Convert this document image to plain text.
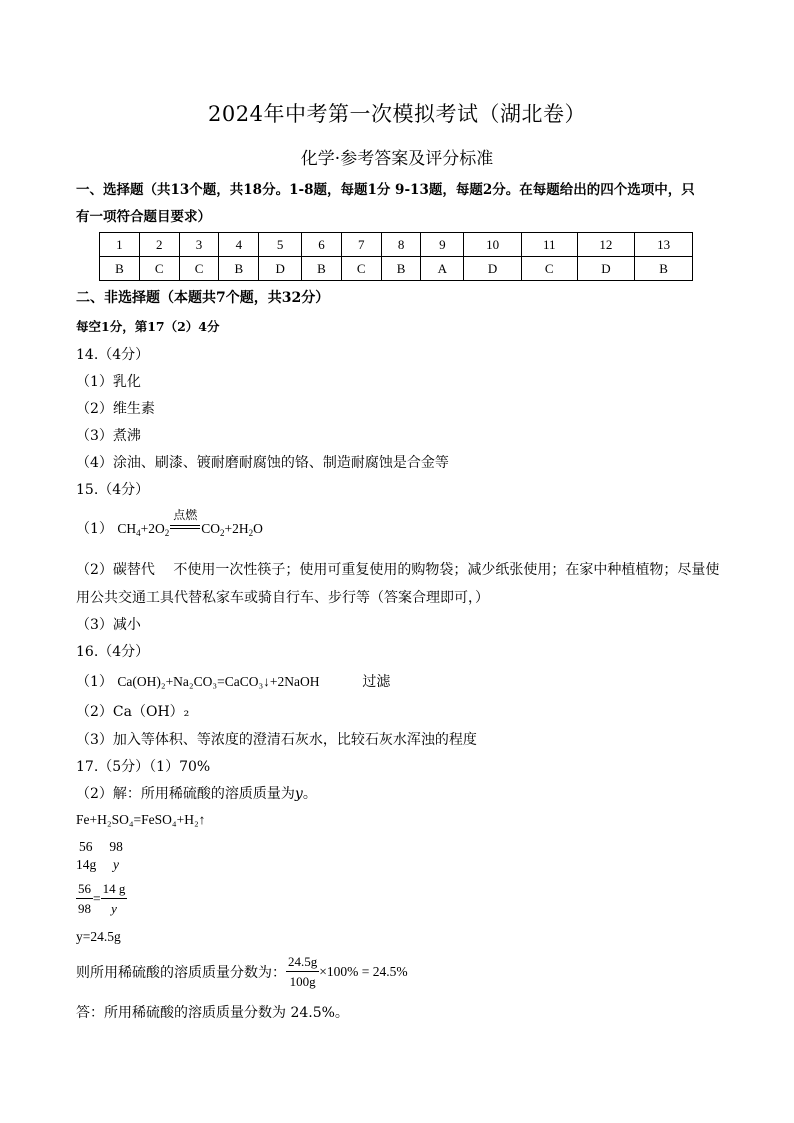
2024年中考第一次模拟考试（湖北卷）
化学·参考答案及评分标准
一、选择题（共13个题，共18分。1-8题，每题1分 9-13题，每题2分。在每题给出的四个选项中，只
有一项符合题目要求）
1	2	3	4	5	6	7	8	9	10	11	12	13
B	C	C	B	D	B	C	B	A	D	C	D	B
二、非选择题（本题共7个题，共32分）
每空1分，第17（2）4分
14.（4分）
（1）乳化
（2）维生素
（3）煮沸
（4）涂油、刷漆、镀耐磨耐腐蚀的铬、制造耐腐蚀是合金等
15.（4分）
（1） $CH_4+2O_2$
点燃
$CO_2+2H_2O$
（2）碳替代　 不使用一次性筷子；使用可重复使用的购物袋；减少纸张使用；在家中种植植物；尽量使
用公共交通工具代替私家车或骑自行车、步行等（答案合理即可，）
（3）减小
16.（4分）
（1） Ca(OH)₂+Na₂CO₃=CaCO₃↓+2NaOH	过滤
（2）Ca（OH）₂
（3）加入等体积、等浓度的澄清石灰水，比较石灰水浑浊的程度
17.（5分）（1）70%
（2）解：所用稀硫酸的溶质质量为y。
Fe+H₂SO₄=FeSO₄+H₂↑
56　 98
14g y
$\frac{56}{98} = \frac{14 g}{y}$
y=24.5g
则所用稀硫酸的溶质质量分数为： $\frac{24.5g}{100g} \times 100\% = 24.5\%$
答：所用稀硫酸的溶质质量分数为 24.5%。
